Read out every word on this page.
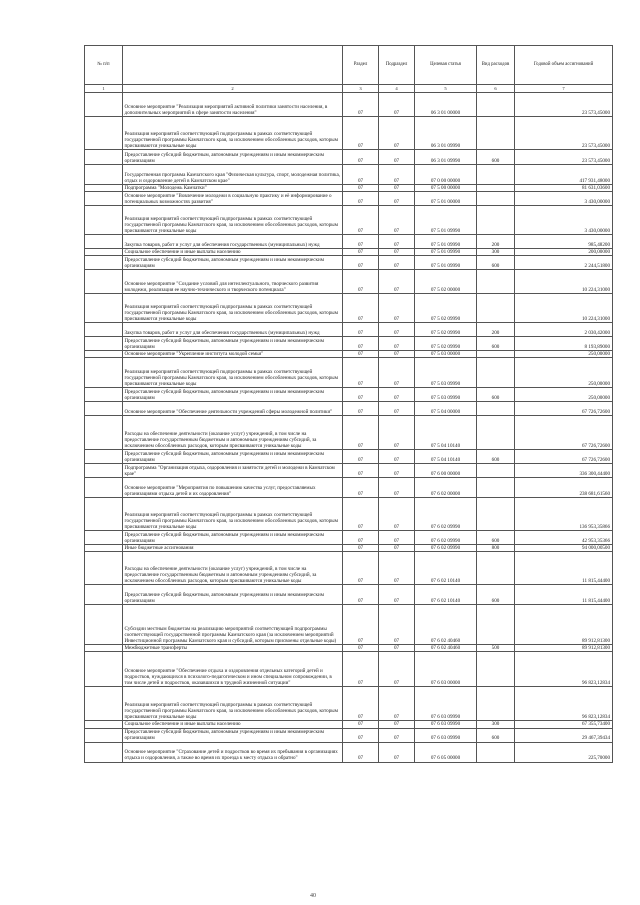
№ п/п		Раздел	Подраздел	Целевая статья	Вид расходов	Годовой объем ассигнований
1	2	3	4	5	6	7
	Основное мероприятие "Реализация мероприятий активной политики занятости населения, в дополнительных мероприятий в сфере занятости населения"	07	07	06 3 01 00000		23 573,45000
	Реализация мероприятий соответствующей подпрограммы в рамках соответствующей государственной программы Камчатского края, за исключением обособленных расходов, которым присваиваются уникальные коды	07	07	06 3 01 09990		23 573,45000
	Предоставление субсидий бюджетным, автономным учреждениям и иным некоммерческим организациям	07	07	06 3 01 09990	600	23 573,45000
	Государственная программа Камчатского края "Физическая культура, спорт, молодежная политика, отдых и оздоровление детей в Камчатском крае"	07	07	07 0 00 00000		417 931,48000
	Подпрограмма "Молодежь Камчатки"	07	07	07 5 00 00000		81 631,03600
	Основное мероприятие "Вовлечение молодежи в социальную практику и её информирование о потенциальных возможностях развития"	07	07	07 5 01 00000		3 430,00000
	Реализация мероприятий соответствующей подпрограммы в рамках соответствующей государственной программы Камчатского края, за исключением обособленных расходов, которым присваиваются уникальные коды	07	07	07 5 01 09990		3 430,00000
	Закупка товаров, работ и услуг для обеспечения государственных (муниципальных) нужд	07	07	07 5 01 09990	200	985,48200
	Социальное обеспечение и иные выплаты населению	07	07	07 5 01 09990	300	200,00000
	Предоставление субсидий бюджетным, автономным учреждениям и иным некоммерческим организациям	07	07	07 5 01 09990	600	2 244,51800
	Основное мероприятие "Создание условий для интеллектуального, творческого развития молодежи, реализация ее научно-технического и творческого потенциала"	07	07	07 5 02 00000		10 224,31000
	Реализация мероприятий соответствующей подпрограммы в рамках соответствующей государственной программы Камчатского края, за исключением обособленных расходов, которым присваиваются уникальные коды	07	07	07 5 02 09990		10 224,31000
	Закупка товаров, работ и услуг для обеспечения государственных (муниципальных) нужд	07	07	07 5 02 09990	200	2 030,42000
	Предоставление субсидий бюджетным, автономным учреждениям и иным некоммерческим организациям	07	07	07 5 02 09990	600	8 193,89000
	Основное мероприятие "Укрепление института молодой семьи"	07	07	07 5 03 00000		250,00000
	Реализация мероприятий соответствующей подпрограммы в рамках соответствующей государственной программы Камчатского края, за исключением обособленных расходов, которым присваиваются уникальные коды	07	07	07 5 03 09990		250,00000
	Предоставление субсидий бюджетным, автономным учреждениям и иным некоммерческим организациям	07	07	07 5 03 09990	600	250,00000
	Основное мероприятие "Обеспечение деятельности учреждений сферы молодежной политики"	07	07	07 5 04 00000		67 726,72600
	Расходы на обеспечение деятельности (оказание услуг) учреждений, в том числе на предоставление государственным бюджетным и автономным учреждениям субсидий, за исключением обособленных расходов, которым присваиваются уникальные коды	07	07	07 5 04 10140		67 726,72600
	Предоставление субсидий бюджетным, автономным учреждениям и иным некоммерческим организациям	07	07	07 5 04 10140	600	67 726,72600
	Подпрограмма "Организация отдыха, оздоровления и занятости детей и молодежи в Камчатском крае"	07	07	07 6 00 00000		336 300,44400
	Основное мероприятие "Мероприятия по повышению качества услуг, предоставляемых организациями отдыха детей и их оздоровления"	07	07	07 6 02 00000		238 681,61560
	Реализация мероприятий соответствующей подпрограммы в рамках соответствующей государственной программы Камчатского края, за исключением обособленных расходов, которым присваиваются уникальные коды	07	07	07 6 02 09990		136 953,35866
	Предоставление субсидий бюджетным, автономным учреждениям и иным некоммерческим организациям	07	07	07 6 02 09990	600	42 953,35366
	Иные бюджетные ассигнования	07	07	07 6 02 09990	800	94 000,00500
	Расходы на обеспечение деятельности (оказание услуг) учреждений, в том числе на предоставление государственным бюджетным и автономным учреждениям субсидий, за исключением обособленных расходов, которым присваиваются уникальные коды	07	07	07 6 02 10140		11 815,44400
	Предоставление субсидий бюджетным, автономным учреждениям и иным некоммерческим организациям	07	07	07 6 02 10140	600	11 815,44400
	Субсидии местным бюджетам на реализацию мероприятий соответствующей подпрограммы соответствующей государственной программы Камчатского края (за исключением мероприятий Инвестиционной программы Камчатского края и субсидий, которым присвоены отдельные коды)	07	07	07 6 02 40460		89 912,81300
	Межбюджетные трансферты	07	07	07 6 02 40460	500	89 912,81300
	Основное мероприятие "Обеспечение отдыха и оздоровления отдельных категорий детей и подростков, нуждающихся в психолого-педагогическом и ином специальном сопровождении, в том числе детей и подростков, оказавшихся в трудной жизненной ситуации"	07	07	07 6 03 00000		96 823,12834
	Реализация мероприятий соответствующей подпрограммы в рамках соответствующей государственной программы Камчатского края, за исключением обособленных расходов, которым присваиваются уникальные коды	07	07	07 6 03 09990		96 823,12834
	Социальное обеспечение и иные выплаты населению	07	07	07 6 03 09990	300	67 355,73400
	Предоставление субсидий бюджетным, автономным учреждениям и иным некоммерческим организациям	07	07	07 6 03 09990	600	29 467,39434
	Основное мероприятие "Страхование детей и подростков во время их пребывания в организациях отдыха и оздоровления, а также во время их проезда к месту отдыха и обратно"	07	07	07 6 05 00000		225,70000
40
